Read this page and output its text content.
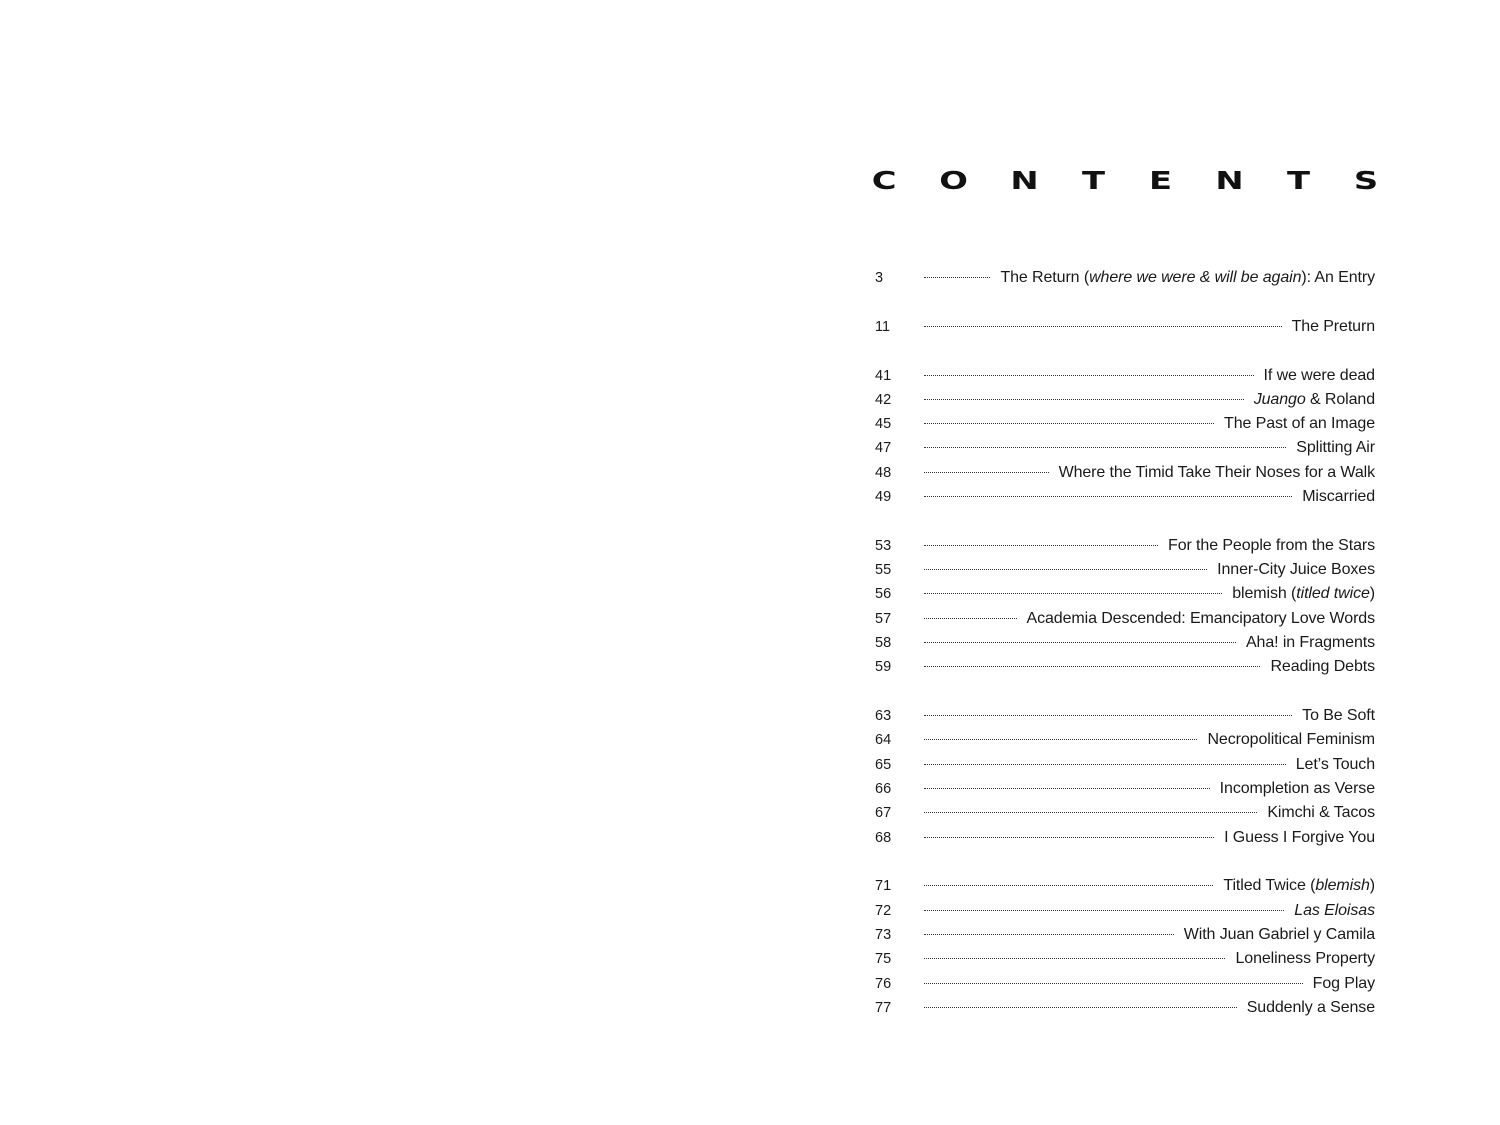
C O N T E N T S
3	The Return (where we were & will be again): An Entry
11	The Preturn
41	If we were dead
42	Juango & Roland
45	The Past of an Image
47	Splitting Air
48	Where the Timid Take Their Noses for a Walk
49	Miscarried
53	For the People from the Stars
55	Inner-City Juice Boxes
56	blemish (titled twice)
57	Academia Descended: Emancipatory Love Words
58	Aha! in Fragments
59	Reading Debts
63	To Be Soft
64	Necropolitical Feminism
65	Let’s Touch
66	Incompletion as Verse
67	Kimchi & Tacos
68	I Guess I Forgive You
71	Titled Twice (blemish)
72	Las Eloisas
73	With Juan Gabriel y Camila
75	Loneliness Property
76	Fog Play
77	Suddenly a Sense
